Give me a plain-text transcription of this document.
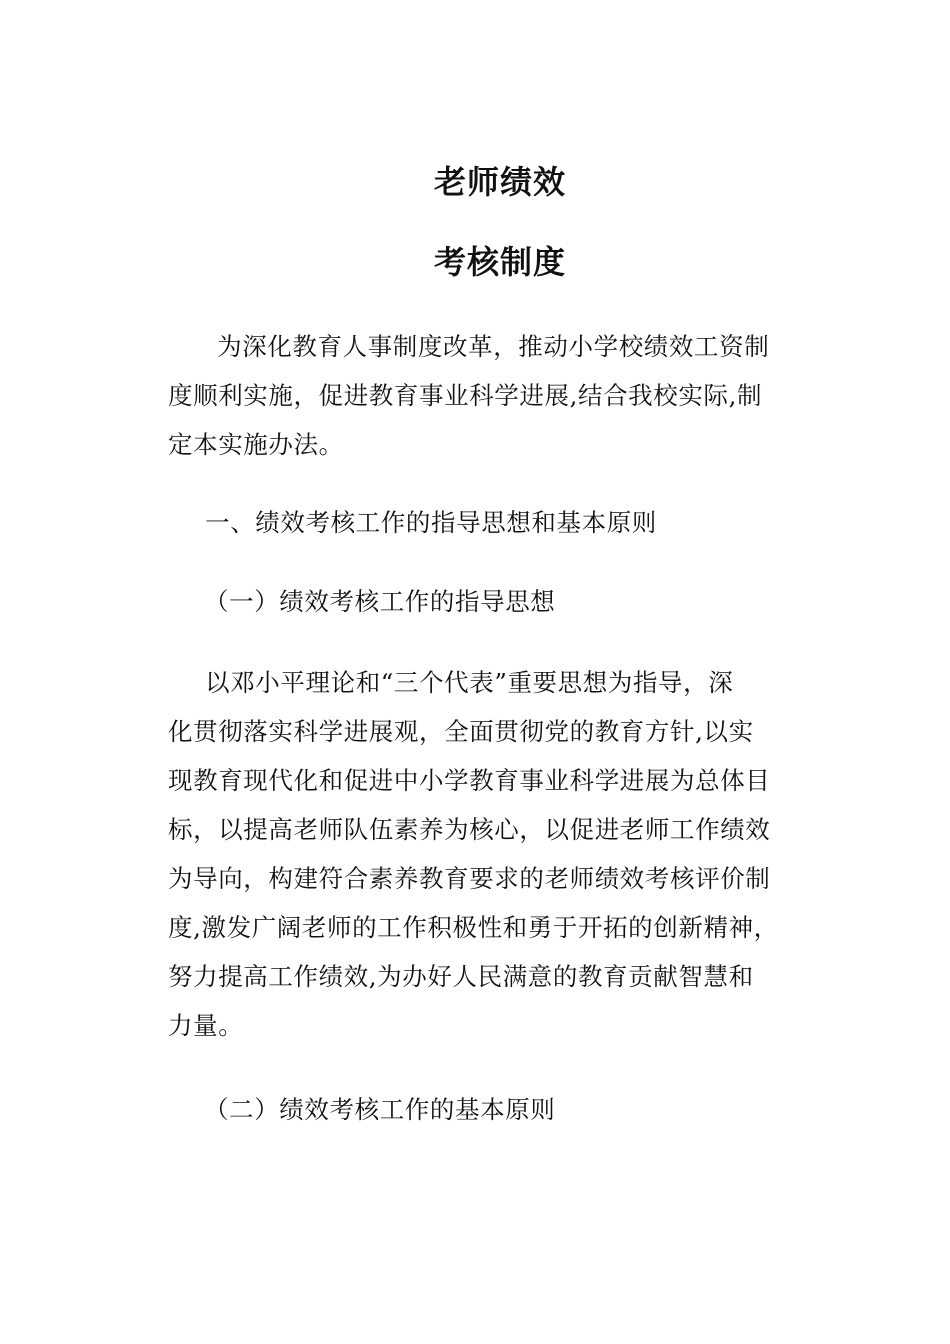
老师绩效
考核制度
　为深化教育人事制度改革，推动小学校绩效工资制
度顺利实施，促进教育事业科学进展,结合我校实际,制
定本实施办法。
　一、绩效考核工作的指导思想和基本原则
（一）绩效考核工作的指导思想
　以邓小平理论和“三个代表”重要思想为指导，深
化贯彻落实科学进展观，全面贯彻党的教育方针,以实
现教育现代化和促进中小学教育事业科学进展为总体目
标，以提高老师队伍素养为核心，以促进老师工作绩效
为导向，构建符合素养教育要求的老师绩效考核评价制
度,激发广阔老师的工作积极性和勇于开拓的创新精神，
努力提高工作绩效,为办好人民满意的教育贡献智慧和
力量。
（二）绩效考核工作的基本原则
